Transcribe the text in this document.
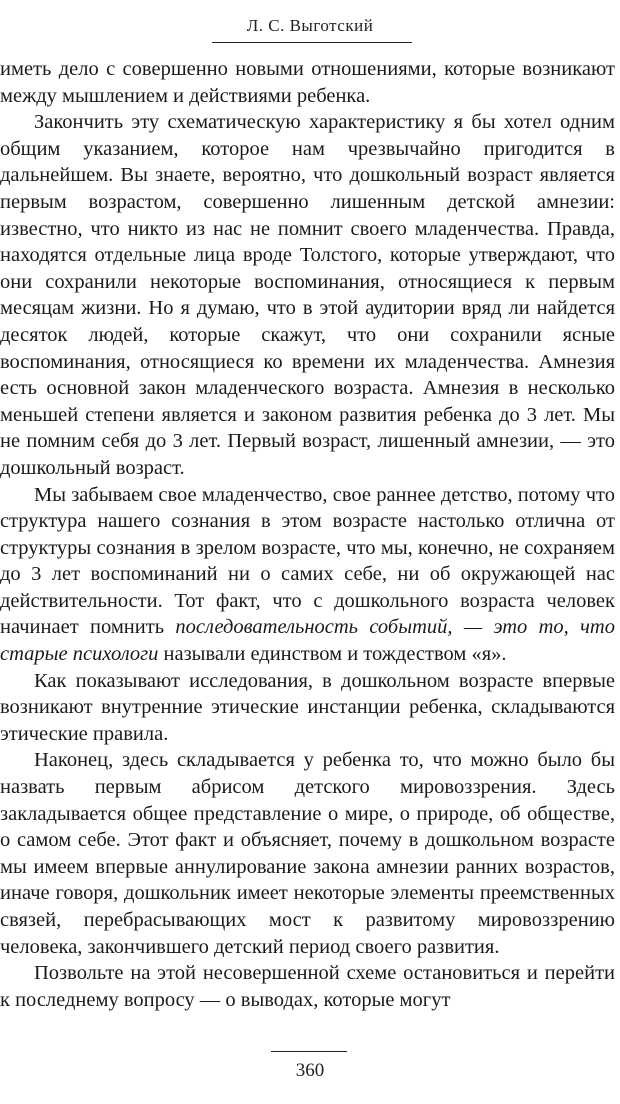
Л. С. Выготский

иметь дело с совершенно новыми отношениями, которые возникают между мышлением и действиями ребенка.

Закончить эту схематическую характеристику я бы хотел одним общим указанием, которое нам чрезвычайно пригодится в дальнейшем. Вы знаете, вероятно, что дошкольный возраст является первым возрастом, совершенно лишенным детской амнезии: известно, что никто из нас не помнит своего младенчества. Правда, находятся отдельные лица вроде Толстого, которые утверждают, что они сохранили некоторые воспоминания, относящиеся к первым месяцам жизни. Но я думаю, что в этой аудитории вряд ли найдется десяток людей, которые скажут, что они сохранили ясные воспоминания, относящиеся ко времени их младенчества. Амнезия есть основной закон младенческого возраста. Амнезия в несколько меньшей степени является и законом развития ребенка до 3 лет. Мы не помним себя до 3 лет. Первый возраст, лишенный амнезии, — это дошкольный возраст.

Мы забываем свое младенчество, свое раннее детство, потому что структура нашего сознания в этом возрасте настолько отлична от структуры сознания в зрелом возрасте, что мы, конечно, не сохраняем до 3 лет воспоминаний ни о самих себе, ни об окружающей нас действительности. Тот факт, что с дошкольного возраста человек начинает помнить последовательность событий, — это то, что старые психологи называли единством и тождеством «я».

Как показывают исследования, в дошкольном возрасте впервые возникают внутренние этические инстанции ребенка, складываются этические правила.

Наконец, здесь складывается у ребенка то, что можно было бы назвать первым абрисом детского мировоззрения. Здесь закладывается общее представление о мире, о природе, об обществе, о самом себе. Этот факт и объясняет, почему в дошкольном возрасте мы имеем впервые аннулирование закона амнезии ранних возрастов, иначе говоря, дошкольник имеет некоторые элементы преемственных связей, перебрасывающих мост к развитому мировоззрению человека, закончившего детский период своего развития.

Позвольте на этой несовершенной схеме остановиться и перейти к последнему вопросу — о выводах, которые могут

360
